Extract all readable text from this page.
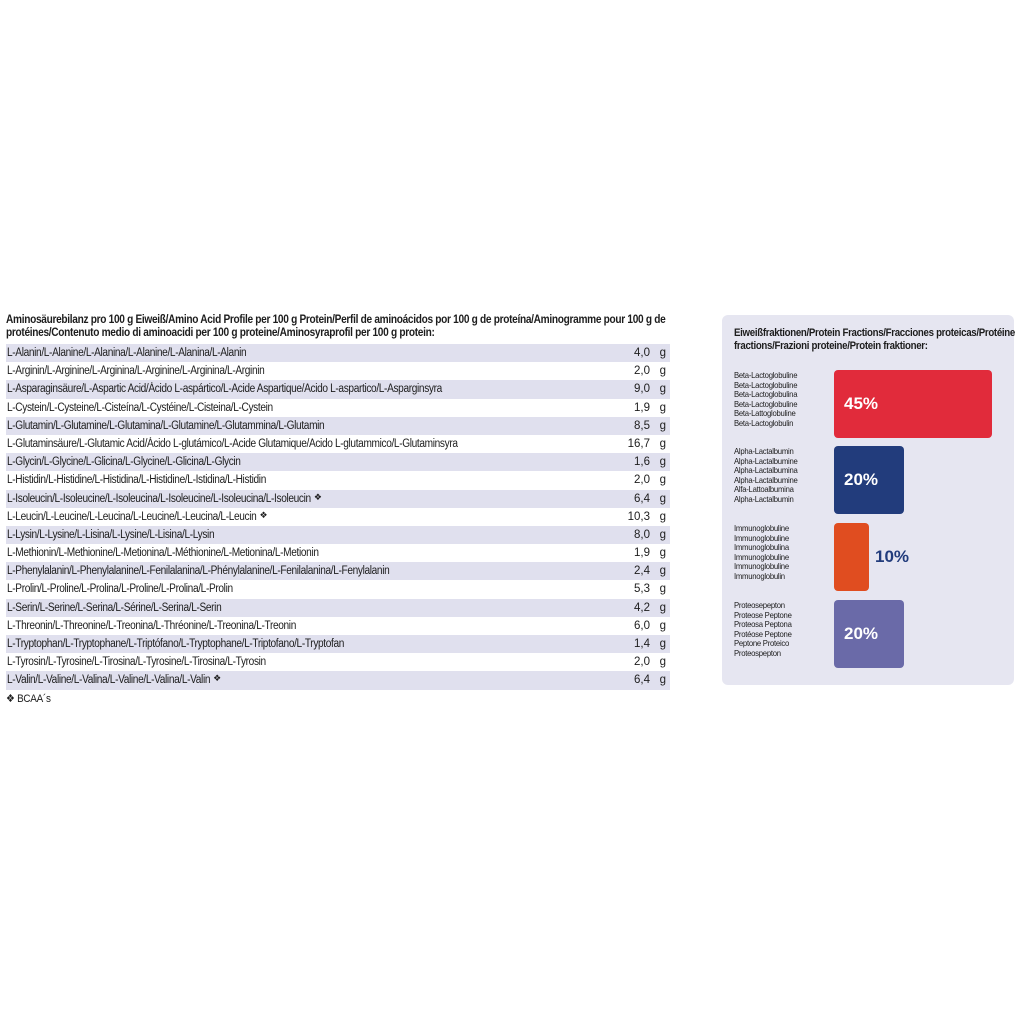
Aminosäurebilanz pro 100 g Eiweiß/Amino Acid Profile per 100 g Protein/Perfil de aminoácidos por 100 g de proteína/Aminogramme pour 100 g de protéines/Contenuto medio di aminoacidi per 100 g proteine/Aminosyraprofil per 100 g protein:
L-Alanin/L-Alanine/L-Alanina/L-Alanine/L-Alanina/L-Alanin	4,0 g
L-Arginin/L-Arginine/L-Arginina/L-Arginine/L-Arginina/L-Arginin	2,0 g
L-Asparaginsäure/L-Aspartic Acid/Ácido L-aspártico/L-Acide Aspartique/Acido L-aspartico/L-Asparginsyra	9,0 g
L-Cystein/L-Cysteine/L-Cisteína/L-Cystéine/L-Cisteina/L-Cystein	1,9 g
L-Glutamin/L-Glutamine/L-Glutamina/L-Glutamine/L-Glutammina/L-Glutamin	8,5 g
L-Glutaminsäure/L-Glutamic Acid/Ácido L-glutámico/L-Acide Glutamique/Acido L-glutammico/L-Glutaminsyra	16,7 g
L-Glycin/L-Glycine/L-Glicina/L-Glycine/L-Glicina/L-Glycin	1,6 g
L-Histidin/L-Histidine/L-Histidina/L-Histidine/L-Istidina/L-Histidin	2,0 g
L-Isoleucin/L-Isoleucine/L-Isoleucina/L-Isoleucine/L-Isoleucina/L-Isoleucin ❖	6,4 g
L-Leucin/L-Leucine/L-Leucina/L-Leucine/L-Leucina/L-Leucin ❖	10,3 g
L-Lysin/L-Lysine/L-Lisina/L-Lysine/L-Lisina/L-Lysin	8,0 g
L-Methionin/L-Methionine/L-Metionina/L-Méthionine/L-Metionina/L-Metionin	1,9 g
L-Phenylalanin/L-Phenylalanine/L-Fenilalanina/L-Phénylalanine/L-Fenilalanina/L-Fenylalanin	2,4 g
L-Prolin/L-Proline/L-Prolina/L-Proline/L-Prolina/L-Prolin	5,3 g
L-Serin/L-Serine/L-Serina/L-Sérine/L-Serina/L-Serin	4,2 g
L-Threonin/L-Threonine/L-Treonina/L-Thréonine/L-Treonina/L-Treonin	6,0 g
L-Tryptophan/L-Tryptophane/L-Triptófano/L-Tryptophane/L-Triptofano/L-Tryptofan	1,4 g
L-Tyrosin/L-Tyrosine/L-Tirosina/L-Tyrosine/L-Tirosina/L-Tyrosin	2,0 g
L-Valin/L-Valine/L-Valina/L-Valine/L-Valina/L-Valin ❖	6,4 g
❖ BCAA´s
Eiweißfraktionen/Protein Fractions/Fracciones proteicas/Protéine fractions/Frazioni proteine/Protein fraktioner:
Beta-Lactoglobuline
Beta-Lactoglobuline
Beta-Lactoglobulina
Beta-Lactoglobuline
Beta-Lattoglobuline
Beta-Lactoglobulin
45%
Alpha-Lactalbumin
Alpha-Lactalbumine
Alpha-Lactalbumina
Alpha-Lactalbumine
Alfa-Lattoalbumina
Alpha-Lactalbumin
20%
Immunoglobuline
Immunoglobuline
Immunoglobulina
Immunoglobuline
Immunoglobuline
Immunoglobulin
10%
Proteosepepton
Proteose Peptone
Proteosa Peptona
Protéose Peptone
Peptone Proteico
Proteospepton
20%
